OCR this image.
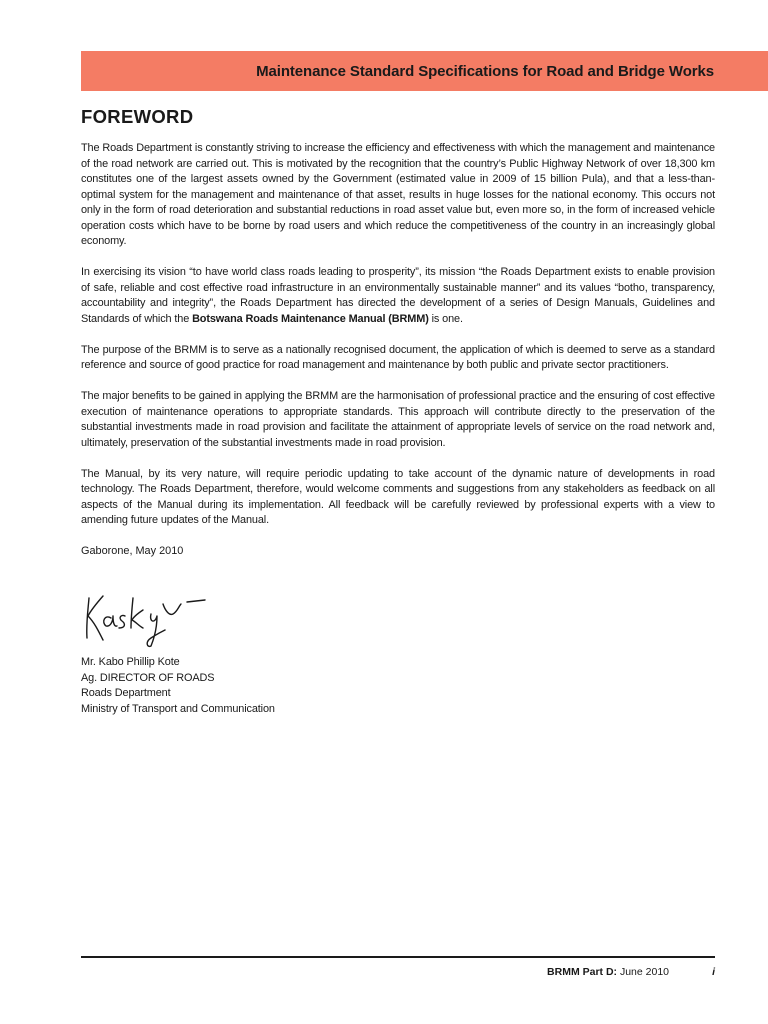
Maintenance Standard Specifications for Road and Bridge Works
FOREWORD

The Roads Department is constantly striving to increase the efficiency and effectiveness with which the management and maintenance of the road network are carried out. This is motivated by the recognition that the country’s Public Highway Network of over 18,300 km constitutes one of the largest assets owned by the Government (estimated value in 2009 of 15 billion Pula), and that a less-than-optimal system for the management and maintenance of that asset, results in huge losses for the national economy. This occurs not only in the form of road deterioration and substantial reductions in road asset value but, even more so, in the form of increased vehicle operation costs which have to be borne by road users and which reduce the competitiveness of the country in an increasingly global economy.

In exercising its vision “to have world class roads leading to prosperity”, its mission “the Roads Department exists to enable provision of safe, reliable and cost effective road infrastructure in an environmentally sustainable manner” and its values “botho, transparency, accountability and integrity”, the Roads Department has directed the development of a series of Design Manuals, Guidelines and Standards of which the Botswana Roads Maintenance Manual (BRMM) is one.

The purpose of the BRMM is to serve as a nationally recognised document, the application of which is deemed to serve as a standard reference and source of good practice for road management and maintenance by both public and private sector practitioners.

The major benefits to be gained in applying the BRMM are the harmonisation of professional practice and the ensuring of cost effective execution of maintenance operations to appropriate standards. This approach will contribute directly to the preservation of the substantial investments made in road provision and facilitate the attainment of appropriate levels of service on the road network and, ultimately, preservation of the substantial investments made in road provision.

The Manual, by its very nature, will require periodic updating to take account of the dynamic nature of developments in road technology. The Roads Department, therefore, would welcome comments and suggestions from any stakeholders as feedback on all aspects of the Manual during its implementation. All feedback will be carefully reviewed by professional experts with a view to amending future updates of the Manual.

Gaborone, May 2010

Mr. Kabo Phillip Kote
Ag. DIRECTOR OF ROADS
Roads Department
Ministry of Transport and Communication
BRMM Part D: June 2010	i
